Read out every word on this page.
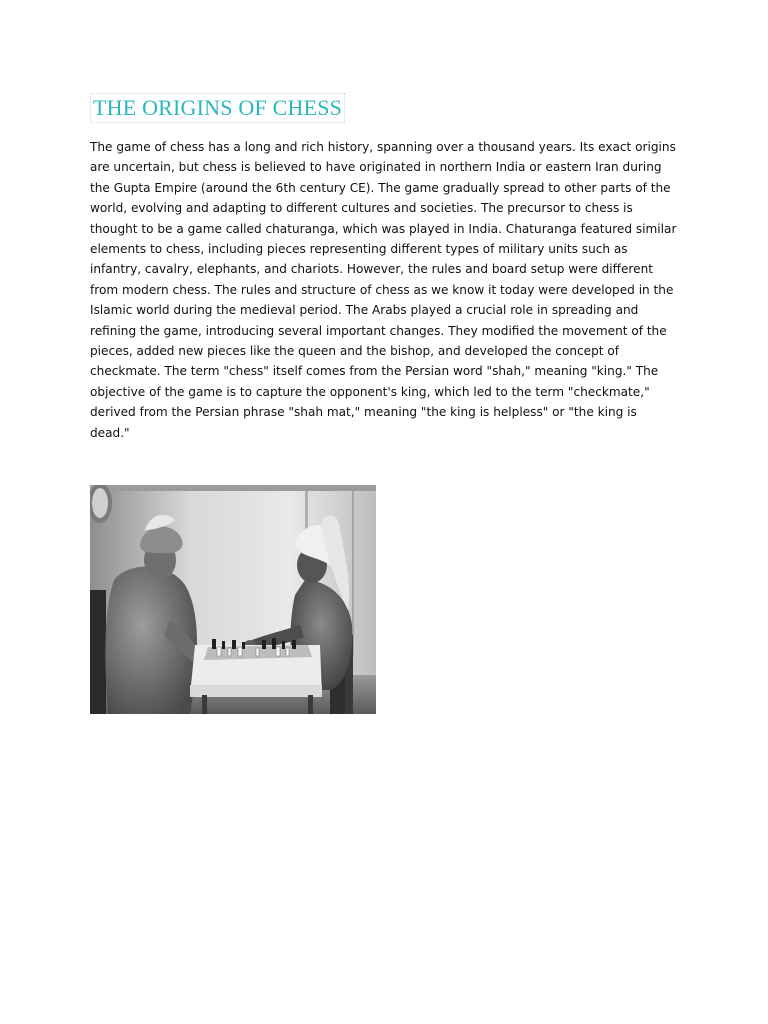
THE ORIGINS OF CHESS

The game of chess has a long and rich history, spanning over a thousand years. Its exact origins are uncertain, but chess is believed to have originated in northern India or eastern Iran during the Gupta Empire (around the 6th century CE). The game gradually spread to other parts of the world, evolving and adapting to different cultures and societies. The precursor to chess is thought to be a game called chaturanga, which was played in India. Chaturanga featured similar elements to chess, including pieces representing different types of military units such as infantry, cavalry, elephants, and chariots. However, the rules and board setup were different from modern chess. The rules and structure of chess as we know it today were developed in the Islamic world during the medieval period. The Arabs played a crucial role in spreading and refining the game, introducing several important changes. They modified the movement of the pieces, added new pieces like the queen and the bishop, and developed the concept of checkmate. The term "chess" itself comes from the Persian word "shah," meaning "king." The objective of the game is to capture the opponent's king, which led to the term "checkmate," derived from the Persian phrase "shah mat," meaning "the king is helpless" or "the king is dead."
